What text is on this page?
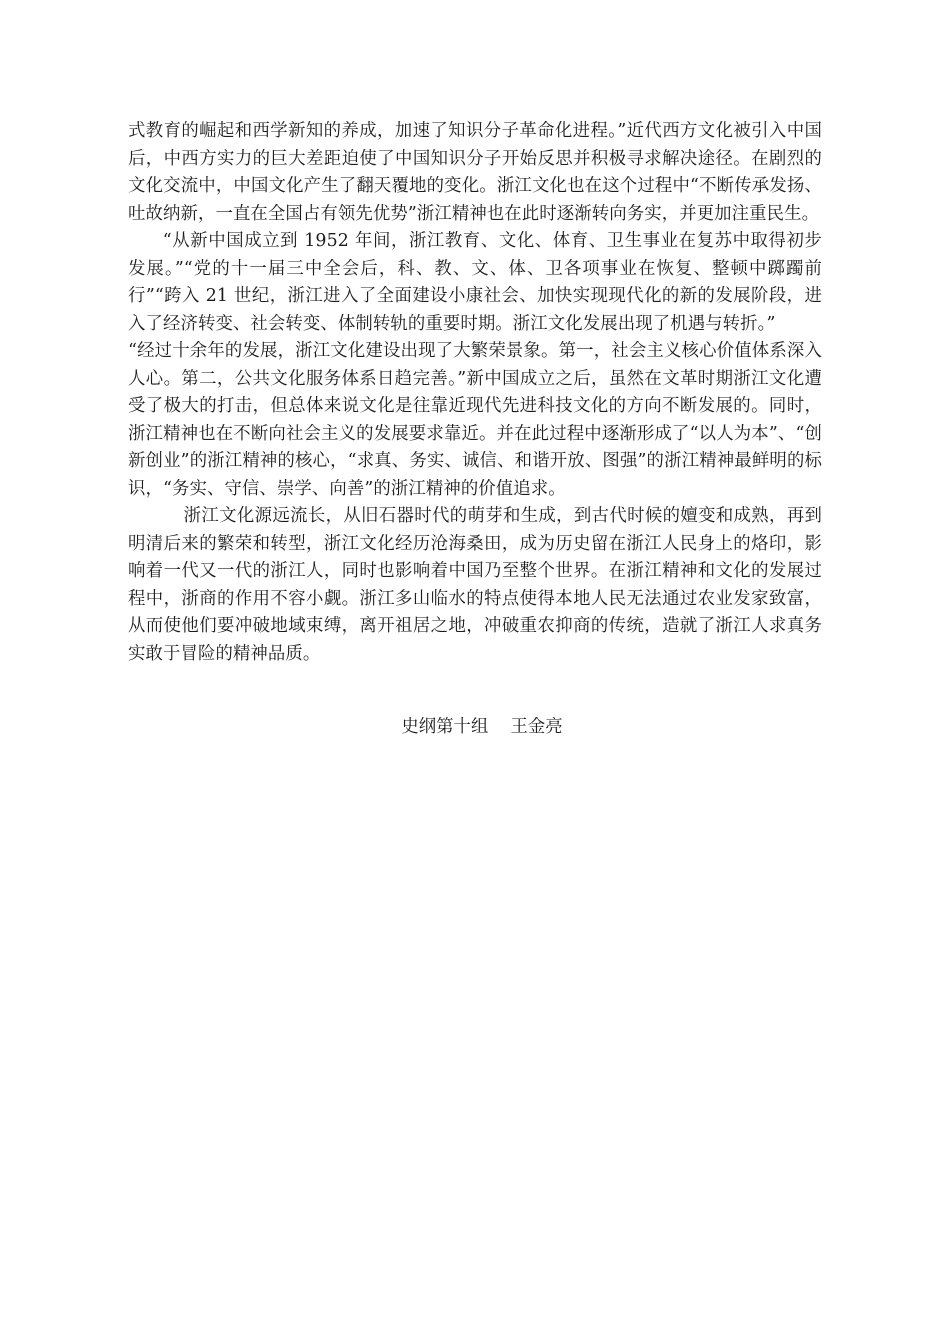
式教育的崛起和西学新知的养成，加速了知识分子革命化进程。”近代西方文化被引入中国后，中西方实力的巨大差距迫使了中国知识分子开始反思并积极寻求解决途径。在剧烈的文化交流中，中国文化产生了翻天覆地的变化。浙江文化也在这个过程中“不断传承发扬、吐故纳新，一直在全国占有领先优势”浙江精神也在此时逐渐转向务实，并更加注重民生。

“从新中国成立到 1952 年间，浙江教育、文化、体育、卫生事业在复苏中取得初步发展。”“党的十一届三中全会后，科、教、文、体、卫各项事业在恢复、整顿中踯躅前行”“跨入 21 世纪，浙江进入了全面建设小康社会、加快实现现代化的新的发展阶段，进入了经济转变、社会转变、体制转轨的重要时期。浙江文化发展出现了机遇与转折。”

“经过十余年的发展，浙江文化建设出现了大繁荣景象。第一，社会主义核心价值体系深入人心。第二，公共文化服务体系日趋完善。”新中国成立之后，虽然在文革时期浙江文化遭受了极大的打击，但总体来说文化是往靠近现代先进科技文化的方向不断发展的。同时，浙江精神也在不断向社会主义的发展要求靠近。并在此过程中逐渐形成了“以人为本”、“创新创业”的浙江精神的核心，“求真、务实、诚信、和谐开放、图强”的浙江精神最鲜明的标识，“务实、守信、崇学、向善”的浙江精神的价值追求。

浙江文化源远流长，从旧石器时代的萌芽和生成，到古代时候的嬗变和成熟，再到明清后来的繁荣和转型，浙江文化经历沧海桑田，成为历史留在浙江人民身上的烙印，影响着一代又一代的浙江人，同时也影响着中国乃至整个世界。在浙江精神和文化的发展过程中，浙商的作用不容小觑。浙江多山临水的特点使得本地人民无法通过农业发家致富，从而使他们要冲破地域束缚，离开祖居之地，冲破重农抑商的传统，造就了浙江人求真务实敢于冒险的精神品质。

史纲第十组    王金亮
